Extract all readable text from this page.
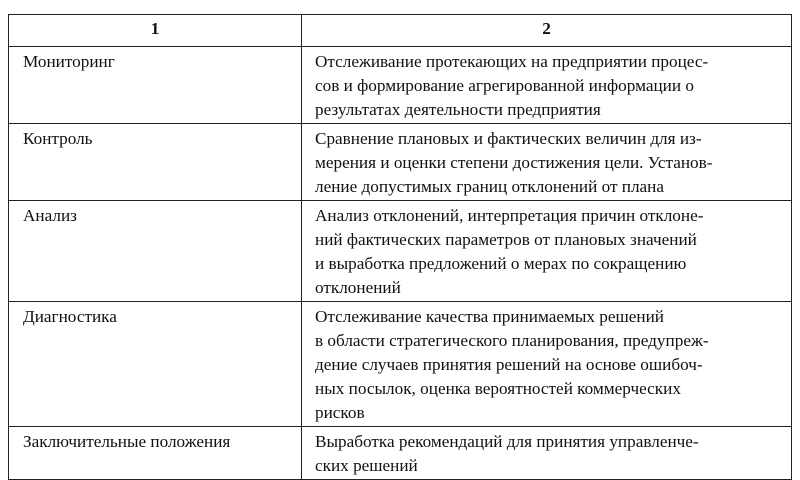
1	2
Мониторинг	Отслеживание протекающих на предприятии процес-
сов и формирование агрегированной информации о
результатах деятельности предприятия

Контроль	Сравнение плановых и фактических величин для из-
мерения и оценки степени достижения цели. Установ-
ление допустимых границ отклонений от плана

Анализ	Анализ отклонений, интерпретация причин отклоне-
ний фактических параметров от плановых значений
и выработка предложений о мерах по сокращению
отклонений

Диагностика	Отслеживание качества принимаемых решений
в области стратегического планирования, предупреж-
дение случаев принятия решений на основе ошибоч-
ных посылок, оценка вероятностей коммерческих
рисков

Заключительные положения	Выработка рекомендаций для принятия управленче-
ских решений
